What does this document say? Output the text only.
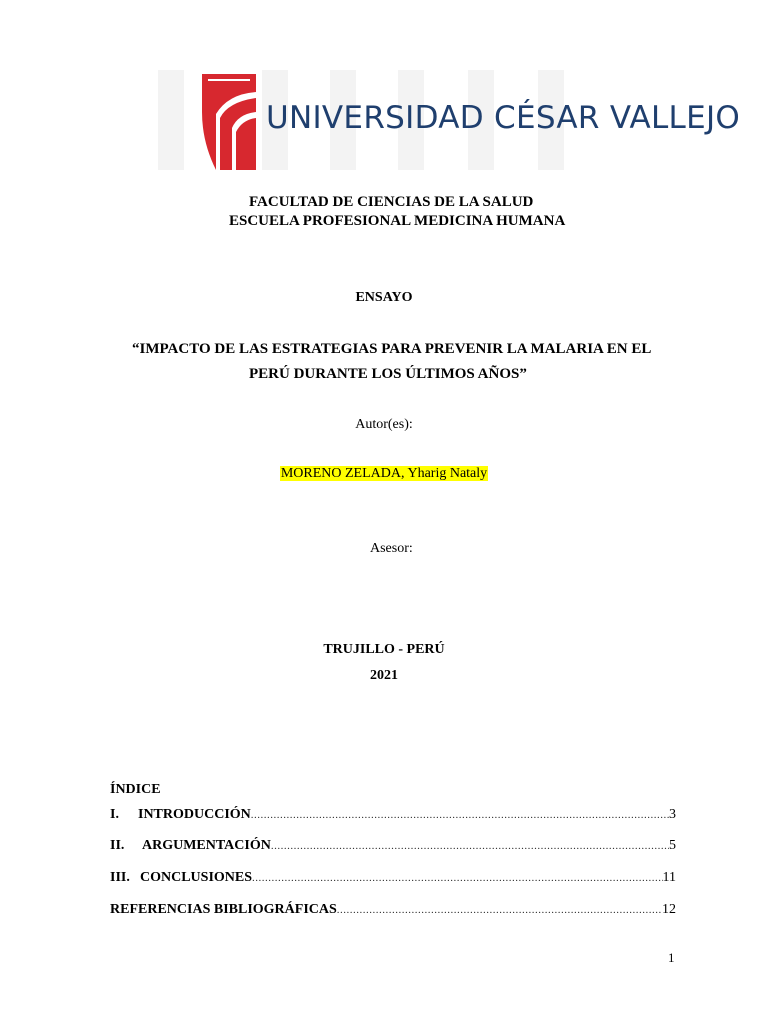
UNIVERSIDAD CÉSAR VALLEJO
FACULTAD DE CIENCIAS DE LA SALUD
ESCUELA PROFESIONAL MEDICINA HUMANA
ENSAYO
“IMPACTO DE LAS ESTRATEGIAS PARA PREVENIR LA MALARIA EN EL
PERÚ DURANTE LOS ÚLTIMOS AÑOS”
Autor(es):
MORENO ZELADA, Yharig Nataly
Asesor:
TRUJILLO - PERÚ
2021
ÍNDICE
I.	INTRODUCCIÓN .....	3
II.	ARGUMENTACIÓN .....	5
III. CONCLUSIONES .....	11
REFERENCIAS BIBLIOGRÁFICAS .....	12
1
